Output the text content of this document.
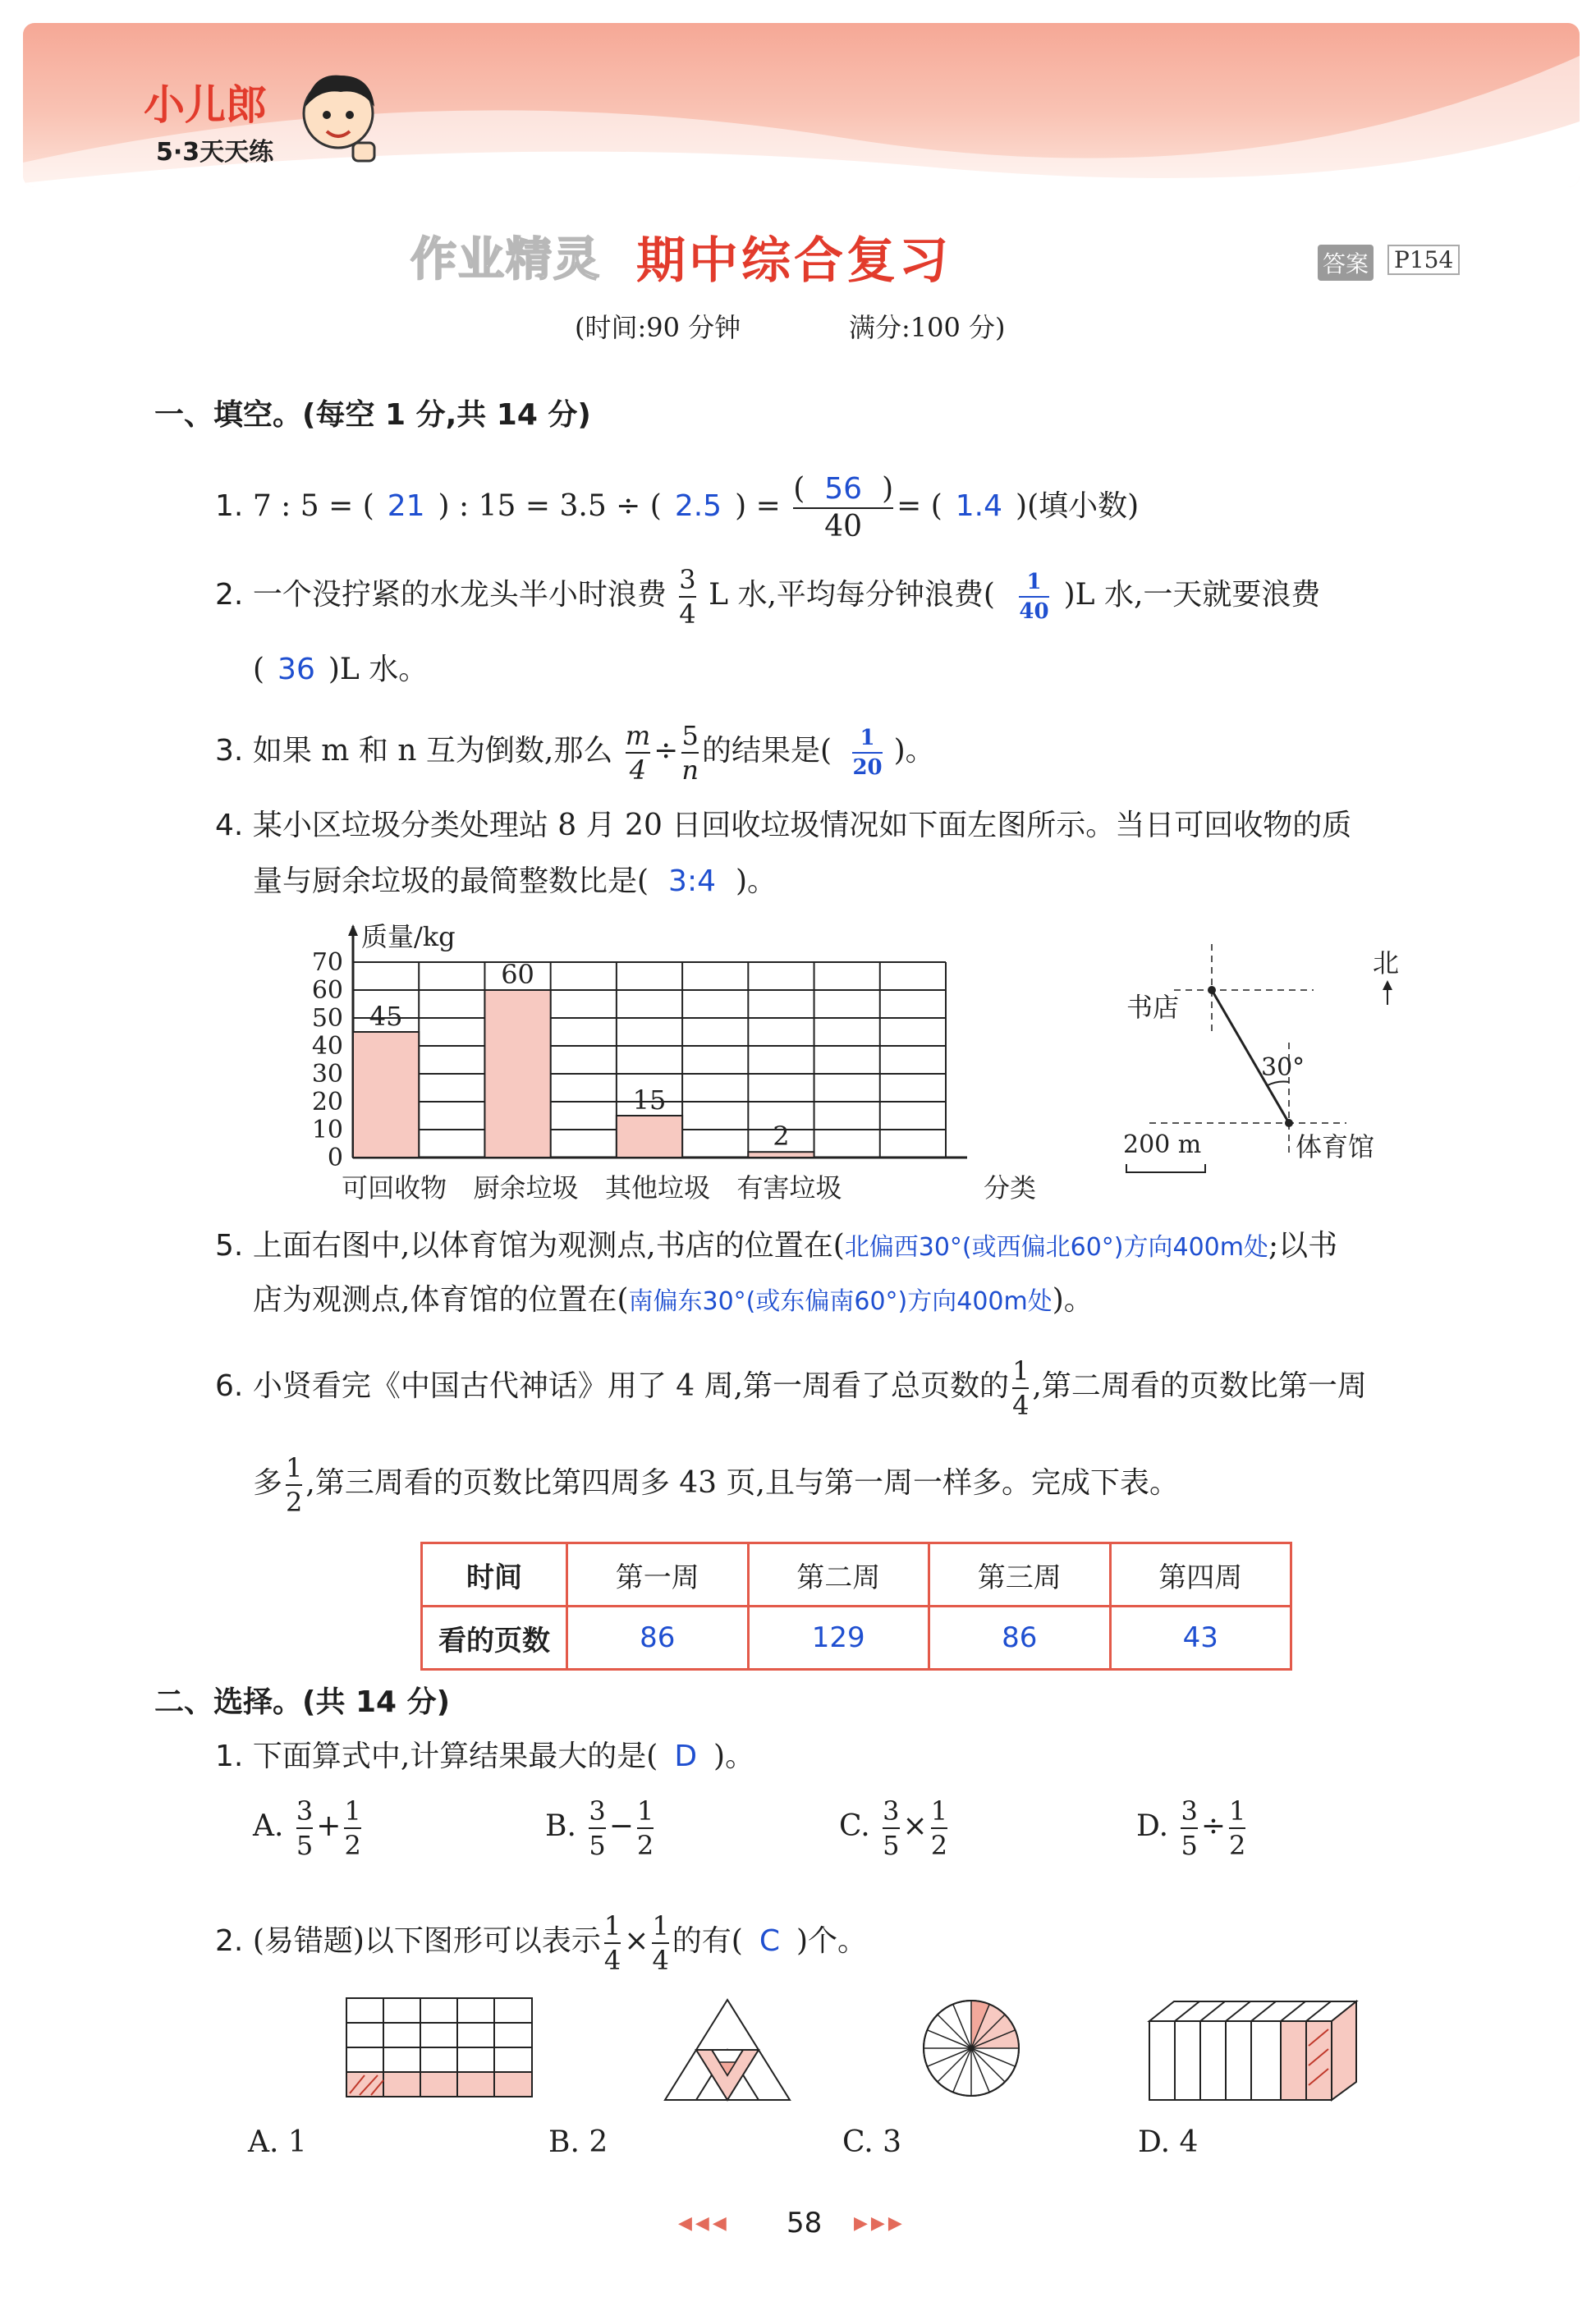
小儿郎
5·3天天练
作业精灵 期中综合复习	答案 P154
(时间:90 分钟	满分:100 分)
一、填空。(每空 1 分,共 14 分)
1. 7 : 5 = ( 21 ) : 15 = 3.5 ÷ ( 2.5 ) = $\frac{( 56 )}{40}$ = ( 1.4 )(填小数)
2. 一个没拧紧的水龙头半小时浪费 $\frac{3}{4}$ L 水,平均每分钟浪费( $\frac{1}{40} )L$ 水,一天就要浪费
( 36 )L 水。
3. 如果 m 和 n 互为倒数,那么 $\frac{m}{4} \div \frac{5}{n}$ 的结果是( $\frac{1}{20}$ )。
4. 某小区垃圾分类处理站 8 月 20 日回收垃圾情况如下面左图所示。当日可回收物的质
量与厨余垃圾的最简整数比是( 3:4 )。
质量/kg
分类
70
60
50
40
30
20
10
0
45
可回收物
60
厨余垃圾
15
其他垃圾
2
有害垃圾
书店
30°
体育馆
200 m
北
5. 上面右图中,以体育馆为观测点,书店的位置在(北偏西30°(或西偏北60°)方向400m处;以书
店为观测点,体育馆的位置在(南偏东30°(或东偏南60°)方向400m处)。
6. 小贤看完《中国古代神话》用了 4 周,第一周看了总页数的 $\frac{1}{4}$ ,第二周看的页数比第一周
多 $\frac{1}{2}$ ,第三周看的页数比第四周多 43 页,且与第一周一样多。完成下表。
时间	第一周	第二周	第三周	第四周
看的页数	86	129	86	43
二、选择。(共 14 分)
1. 下面算式中,计算结果最大的是( D )。
A. $\frac{3}{5} + \frac{1}{2}$	B. $\frac{3}{5} - \frac{1}{2}$	C. $\frac{3}{5} \times \frac{1}{2}$	D. $\frac{3}{5} \div \frac{1}{2}$
2. (易错题)以下图形可以表示 $\frac{1}{4} \times \frac{1}{4}$ 的有( C )个。
A. 1	B. 2	C. 3	D. 4
◀◀◀ 58 ▶▶▶
